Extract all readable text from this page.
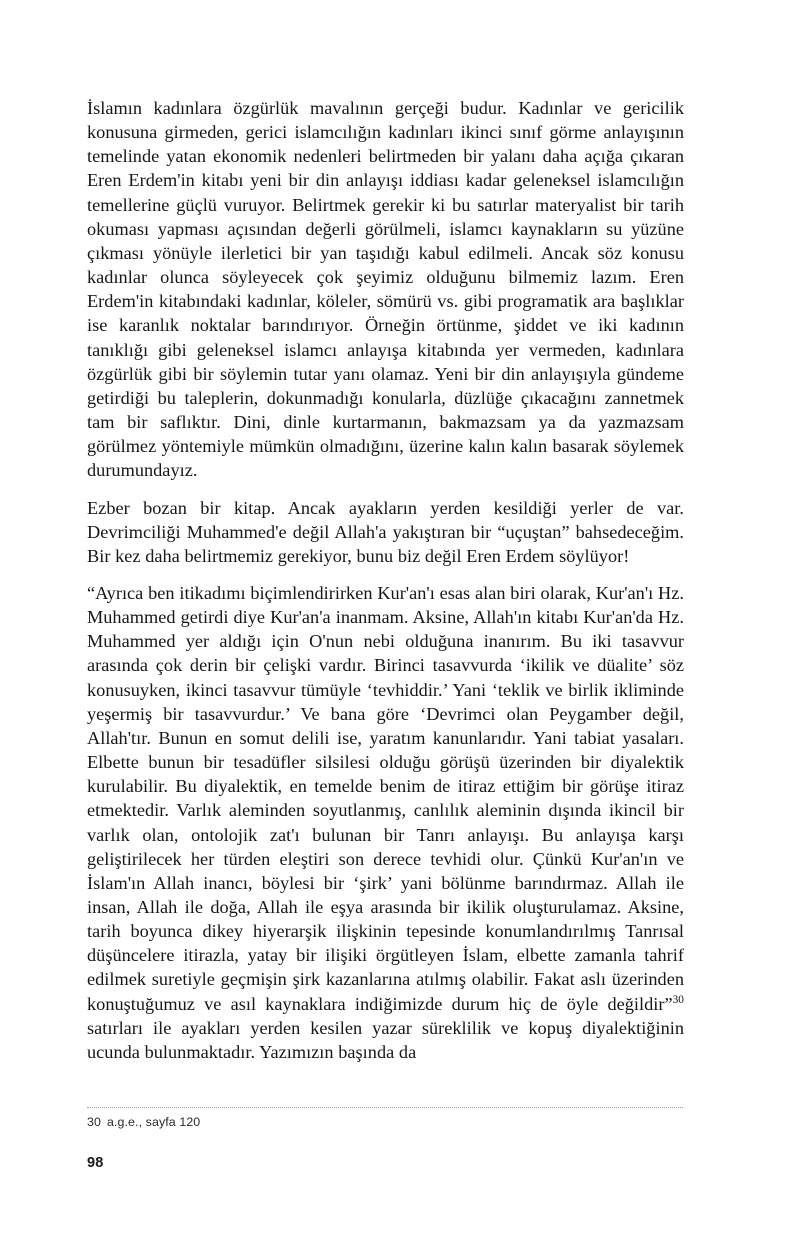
İslamın kadınlara özgürlük mavalının gerçeği budur. Kadınlar ve gericilik konusuna girmeden, gerici islamcılığın kadınları ikinci sınıf görme anlayışının temelinde yatan ekonomik nedenleri belirtmeden bir yalanı daha açığa çıkaran Eren Erdem'in kitabı yeni bir din anlayışı iddiası kadar geleneksel islamcılığın temellerine güçlü vuruyor. Belirtmek gerekir ki bu satırlar materyalist bir tarih okuması yapması açısından değerli görülmeli, islamcı kaynakların su yüzüne çıkması yönüyle ilerletici bir yan taşıdığı kabul edilmeli. Ancak söz konusu kadınlar olunca söyleyecek çok şeyimiz olduğunu bilmemiz lazım. Eren Erdem'in kitabındaki kadınlar, köleler, sömürü vs. gibi programatik ara başlıklar ise karanlık noktalar barındırıyor. Örneğin örtünme, şiddet ve iki kadının tanıklığı gibi geleneksel islamcı anlayışa kitabında yer vermeden, kadınlara özgürlük gibi bir söylemin tutar yanı olamaz. Yeni bir din anlayışıyla gündeme getirdiği bu taleplerin, dokunmadığı konularla, düzlüğe çıkacağını zannetmek tam bir saflıktır. Dini, dinle kurtarmanın, bakmazsam ya da yazmazsam görülmez yöntemiyle mümkün olmadığını, üzerine kalın kalın basarak söylemek durumundayız.

Ezber bozan bir kitap. Ancak ayakların yerden kesildiği yerler de var. Devrimciliği Muhammed'e değil Allah'a yakıştıran bir “uçuştan” bahsedeceğim. Bir kez daha belirtmemiz gerekiyor, bunu biz değil Eren Erdem söylüyor!

“Ayrıca ben itikadımı biçimlendirirken Kur'an'ı esas alan biri olarak, Kur'an'ı Hz. Muhammed getirdi diye Kur'an'a inanmam. Aksine, Allah'ın kitabı Kur'an'da Hz. Muhammed yer aldığı için O'nun nebi olduğuna inanırım. Bu iki tasavvur arasında çok derin bir çelişki vardır. Birinci tasavvurda ‘ikilik ve düalite’ söz konusuyken, ikinci tasavvur tümüyle ‘tevhiddir.’ Yani ‘teklik ve birlik ikliminde yeşermiş bir tasavvurdur.’ Ve bana göre ‘Devrimci olan Peygamber değil, Allah'tır. Bunun en somut delili ise, yaratım kanunlarıdır. Yani tabiat yasaları. Elbette bunun bir tesadüfler silsilesi olduğu görüşü üzerinden bir diyalektik kurulabilir. Bu diyalektik, en temelde benim de itiraz ettiğim bir görüşe itiraz etmektedir. Varlık aleminden soyutlanmış, canlılık aleminin dışında ikincil bir varlık olan, ontolojik zat'ı bulunan bir Tanrı anlayışı. Bu anlayışa karşı geliştirilecek her türden eleştiri son derece tevhidi olur. Çünkü Kur'an'ın ve İslam'ın Allah inancı, böylesi bir ‘şirk’ yani bölünme barındırmaz. Allah ile insan, Allah ile doğa, Allah ile eşya arasında bir ikilik oluşturulamaz. Aksine, tarih boyunca dikey hiyerarşik ilişkinin tepesinde konumlandırılmış Tanrısal düşüncelere itirazla, yatay bir ilişiki örgütleyen İslam, elbette zamanla tahrif edilmek suretiyle geçmişin şirk kazanlarına atılmış olabilir. Fakat aslı üzerinden konuştuğumuz ve asıl kaynaklara indiğimizde durum hiç de öyle değildir”$^{30}$ satırları ile ayakları yerden kesilen yazar süreklilik ve kopuş diyalektiğinin ucunda bulunmaktadır. Yazımızın başında da

30 a.g.e., sayfa 120
98
